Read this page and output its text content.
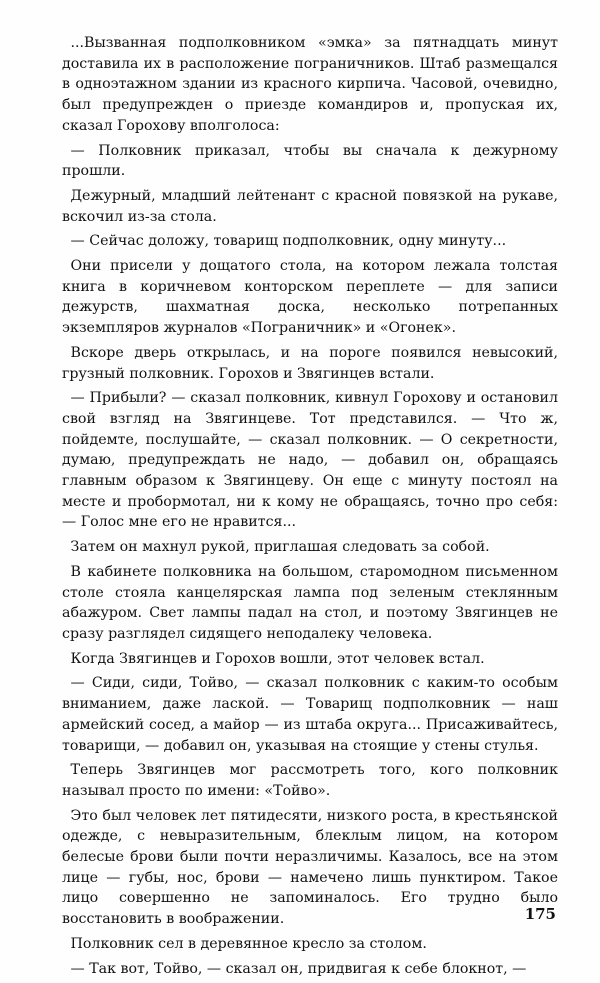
...Вызванная подполковником «эмка» за пятнадцать минут доставила их в расположение пограничников. Штаб размещался в одноэтажном здании из красного кирпича. Часовой, очевидно, был предупрежден о приезде командиров и, пропуская их, сказал Горохову вполголоса:

— Полковник приказал, чтобы вы сначала к дежурному прошли.

Дежурный, младший лейтенант с красной повязкой на рукаве, вскочил из-за стола.

— Сейчас доложу, товарищ подполковник, одну минуту...

Они присели у дощатого стола, на котором лежала толстая книга в коричневом конторском переплете — для записи дежурств, шахматная доска, несколько потрепанных экземпляров журналов «Пограничник» и «Огонек».

Вскоре дверь открылась, и на пороге появился невысокий, грузный полковник. Горохов и Звягинцев встали.

— Прибыли? — сказал полковник, кивнул Горохову и остановил свой взгляд на Звягинцеве. Тот представился. — Что ж, пойдемте, послушайте, — сказал полковник. — О секретности, думаю, предупреждать не надо, — добавил он, обращаясь главным образом к Звягинцеву. Он еще с минуту постоял на месте и пробормотал, ни к кому не обращаясь, точно про себя: — Голос мне его не нравится...

Затем он махнул рукой, приглашая следовать за собой.

В кабинете полковника на большом, старомодном письменном столе стояла канцелярская лампа под зеленым стеклянным абажуром. Свет лампы падал на стол, и поэтому Звягинцев не сразу разглядел сидящего неподалеку человека.

Когда Звягинцев и Горохов вошли, этот человек встал.

— Сиди, сиди, Тойво, — сказал полковник с каким-то особым вниманием, даже лаской. — Товарищ подполковник — наш армейский сосед, а майор — из штаба округа... Присаживайтесь, товарищи, — добавил он, указывая на стоящие у стены стулья.

Теперь Звягинцев мог рассмотреть того, кого полковник называл просто по имени: «Тойво».

Это был человек лет пятидесяти, низкого роста, в крестьянской одежде, с невыразительным, блеклым лицом, на котором белесые брови были почти неразличимы. Казалось, все на этом лице — губы, нос, брови — намечено лишь пунктиром. Такое лицо совершенно не запоминалось. Его трудно было восстановить в воображении.

Полковник сел в деревянное кресло за столом.

— Так вот, Тойво, — сказал он, придвигая к себе блокнот, —

175
